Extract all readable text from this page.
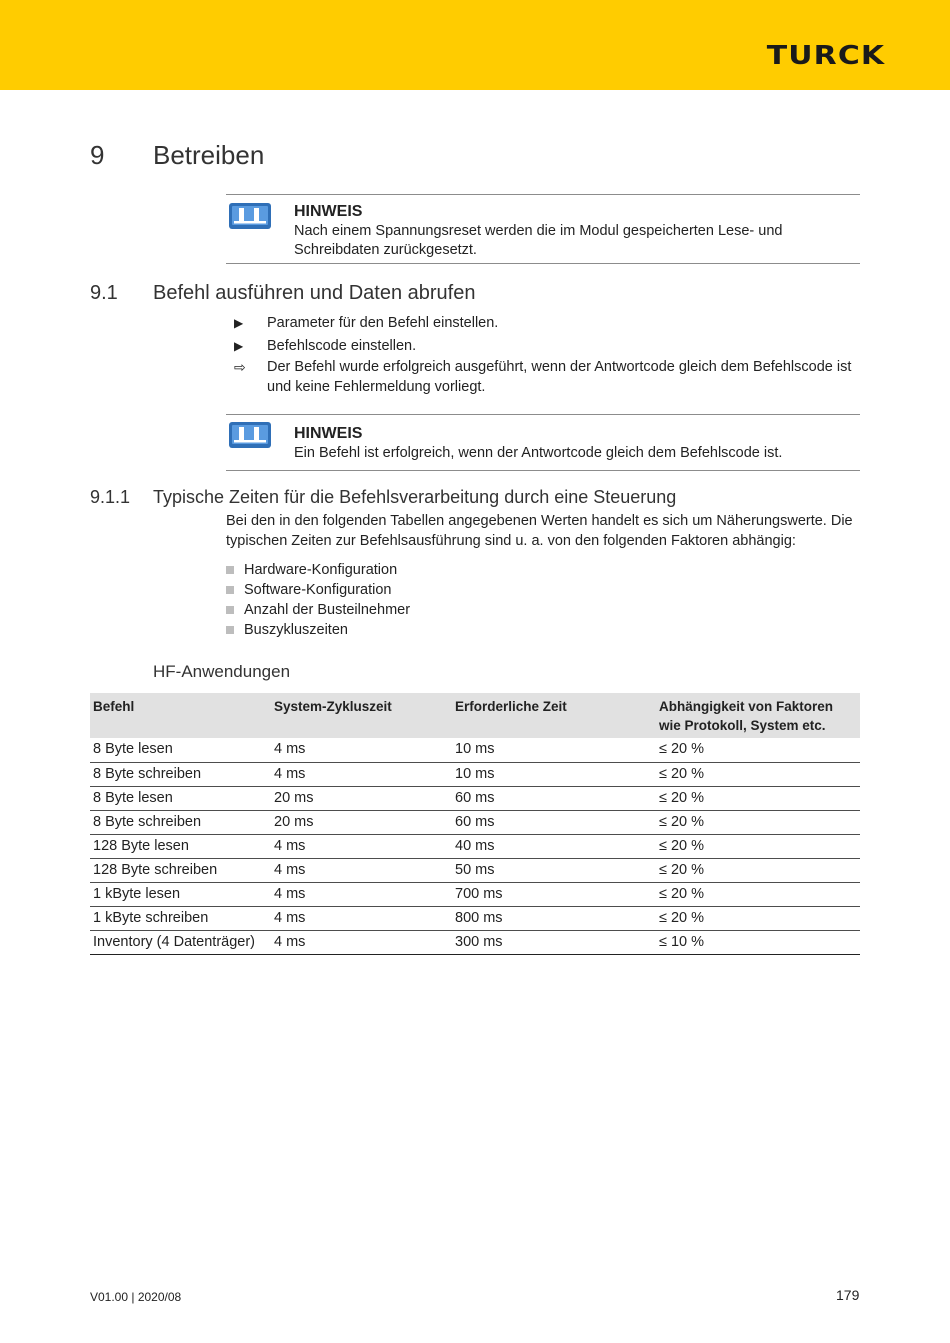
TURCK
9 Betreiben
HINWEIS
Nach einem Spannungsreset werden die im Modul gespeicherten Lese- und Schreibdaten zurückgesetzt.
9.1 Befehl ausführen und Daten abrufen
▶	Parameter für den Befehl einstellen.
▶	Befehlscode einstellen.
⇨ Der Befehl wurde erfolgreich ausgeführt, wenn der Antwortcode gleich dem Befehlscode ist und keine Fehlermeldung vorliegt.
HINWEIS
Ein Befehl ist erfolgreich, wenn der Antwortcode gleich dem Befehlscode ist.
9.1.1 Typische Zeiten für die Befehlsverarbeitung durch eine Steuerung
Bei den in den folgenden Tabellen angegebenen Werten handelt es sich um Näherungswerte. Die typischen Zeiten zur Befehlsausführung sind u. a. von den folgenden Faktoren abhängig:
Hardware-Konfiguration
Software-Konfiguration
Anzahl der Busteilnehmer
Buszykluszeiten
HF-Anwendungen
Befehl	System-Zykluszeit	Erforderliche Zeit	Abhängigkeit von Faktoren wie Protokoll, System etc.
8 Byte lesen	4 ms	10 ms	≤ 20 %
8 Byte schreiben	4 ms	10 ms	≤ 20 %
8 Byte lesen	20 ms	60 ms	≤ 20 %
8 Byte schreiben	20 ms	60 ms	≤ 20 %
128 Byte lesen	4 ms	40 ms	≤ 20 %
128 Byte schreiben	4 ms	50 ms	≤ 20 %
1 kByte lesen	4 ms	700 ms	≤ 20 %
1 kByte schreiben	4 ms	800 ms	≤ 20 %
Inventory (4 Datenträger)	4 ms	300 ms	≤ 10 %
V01.00 | 2020/08	179
